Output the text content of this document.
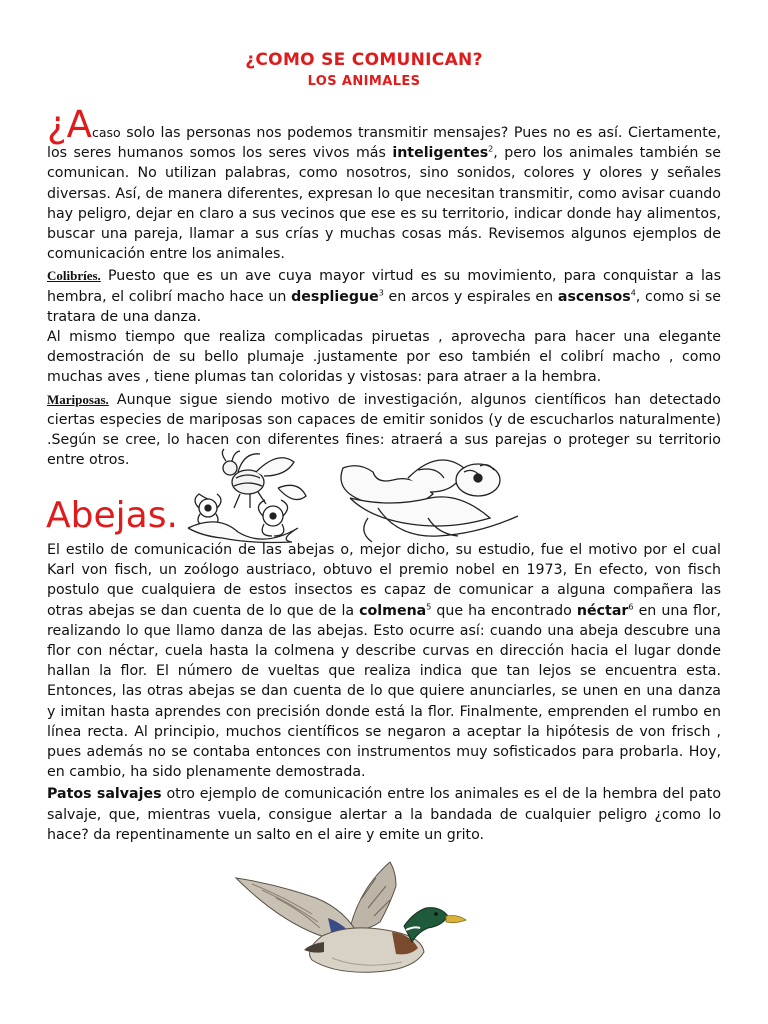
¿COMO SE COMUNICAN?
LOS ANIMALES

¿Acaso solo las personas nos podemos transmitir mensajes? Pues no es así. Ciertamente, los seres humanos somos los seres vivos más inteligentes$^2$, pero los animales también se comunican. No utilizan palabras, como nosotros, sino sonidos, colores y olores y señales diversas. Así, de manera diferentes, expresan lo que necesitan transmitir, como avisar cuando hay peligro, dejar en claro a sus vecinos que ese es su territorio, indicar donde hay alimentos, buscar una pareja, llamar a sus crías y muchas cosas más. Revisemos algunos ejemplos de comunicación entre los animales.

Colibríes. Puesto que es un ave cuya mayor virtud es su movimiento, para conquistar a las hembra, el colibrí macho hace un despliegue$^3$ en arcos y espirales en ascensos$^4$, como si se tratara de una danza.

Al mismo tiempo que realiza complicadas piruetas , aprovecha para hacer una elegante demostración de su bello plumaje .justamente por eso también el colibrí macho , como muchas aves , tiene plumas tan coloridas y vistosas: para atraer a la hembra.

Mariposas. Aunque sigue siendo motivo de investigación, algunos científicos han detectado ciertas especies de mariposas son capaces de emitir sonidos (y de escucharlos naturalmente) .Según se cree, lo hacen con diferentes fines: atraerá a sus parejas o proteger su territorio entre otros.

Abejas.

El estilo de comunicación de las abejas o, mejor dicho, su estudio, fue el motivo por el cual Karl von fisch, un zoólogo austriaco, obtuvo el premio nobel en 1973, En efecto, von fisch postulo que cualquiera de estos insectos es capaz de comunicar a alguna compañera las otras abejas se dan cuenta de lo que de la colmena$^5$ que ha encontrado néctar$^6$ en una flor, realizando lo que llamo danza de las abejas. Esto ocurre así: cuando una abeja descubre una flor con néctar, cuela hasta la colmena y describe curvas en dirección hacia el lugar donde hallan la flor. El número de vueltas que realiza indica que tan lejos se encuentra esta. Entonces, las otras abejas se dan cuenta de lo que quiere anunciarles, se unen en una danza y imitan hasta aprendes con precisión donde está la flor. Finalmente, emprenden el rumbo en línea recta. Al principio, muchos científicos se negaron a aceptar la hipótesis de von frisch , pues además no se contaba entonces con instrumentos muy sofisticados para probarla. Hoy, en cambio, ha sido plenamente demostrada.

Patos salvajes otro ejemplo de comunicación entre los animales es el de la hembra del pato salvaje, que, mientras vuela, consigue alertar a la bandada de cualquier peligro ¿como lo hace? da repentinamente un salto en el aire y emite un grito.
